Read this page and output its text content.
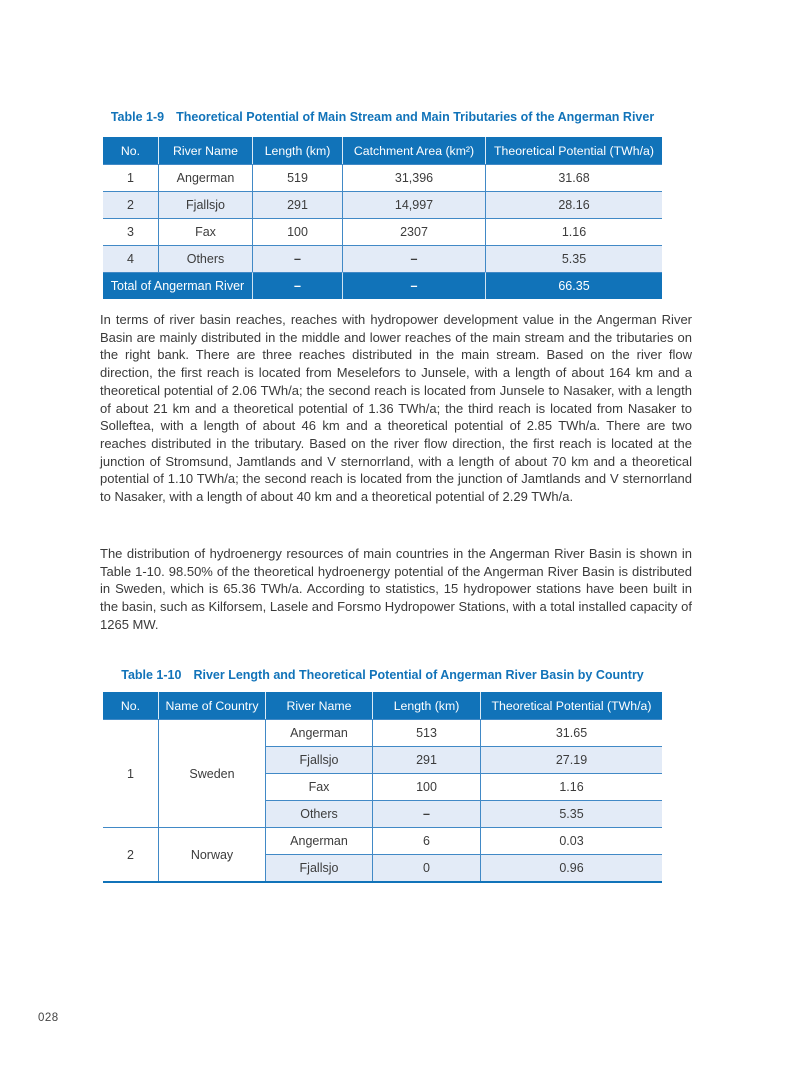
Table 1-9 Theoretical Potential of Main Stream and Main Tributaries of the Angerman River
No.	River Name	Length (km)	Catchment Area (km²)	Theoretical Potential (TWh/a)
1	Angerman	519	31,396	31.68
2	Fjallsjo	291	14,997	28.16
3	Fax	100	2307	1.16
4	Others	–	–	5.35
Total of Angerman River		–	–	66.35

In terms of river basin reaches, reaches with hydropower development value in the Angerman River Basin are mainly distributed in the middle and lower reaches of the main stream and the tributaries on the right bank. There are three reaches distributed in the main stream. Based on the river flow direction, the first reach is located from Meselefors to Junsele, with a length of about 164 km and a theoretical potential of 2.06 TWh/a; the second reach is located from Junsele to Nasaker, with a length of about 21 km and a theoretical potential of 1.36 TWh/a; the third reach is located from Nasaker to Solleftea, with a length of about 46 km and a theoretical potential of 2.85 TWh/a. There are two reaches distributed in the tributary. Based on the river flow direction, the first reach is located at the junction of Stromsund, Jamtlands and V sternorrland, with a length of about 70 km and a theoretical potential of 1.10 TWh/a; the second reach is located from the junction of Jamtlands and V sternorrland to Nasaker, with a length of about 40 km and a theoretical potential of 2.29 TWh/a.

The distribution of hydroenergy resources of main countries in the Angerman River Basin is shown in Table 1-10. 98.50% of the theoretical hydroenergy potential of the Angerman River Basin is distributed in Sweden, which is 65.36 TWh/a. According to statistics, 15 hydropower stations have been built in the basin, such as Kilforsem, Lasele and Forsmo Hydropower Stations, with a total installed capacity of 1265 MW.

Table 1-10 River Length and Theoretical Potential of Angerman River Basin by Country
No.	Name of Country	River Name	Length (km)	Theoretical Potential (TWh/a)
1	Sweden	Angerman	513	31.65
		Fjallsjo	291	27.19
		Fax	100	1.16
		Others	–	5.35
2	Norway	Angerman	6	0.03
		Fjallsjo	0	0.96
028
